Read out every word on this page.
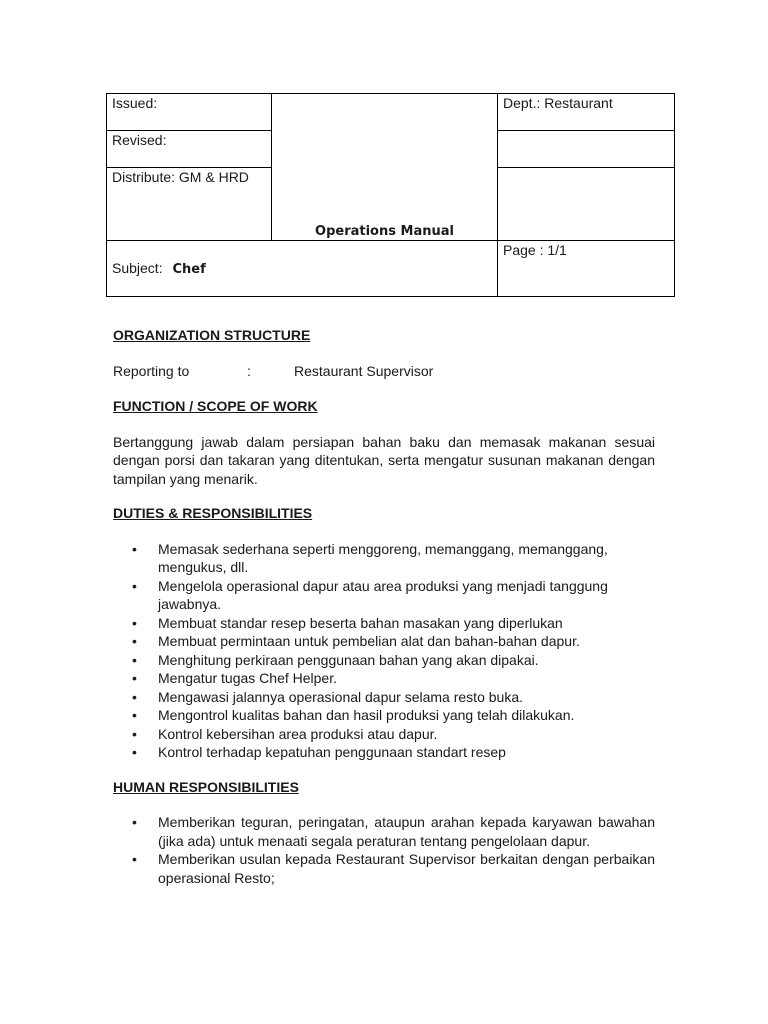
Issued:	Operations Manual	Dept.: Restaurant
Revised:		
Distribute: GM & HRD		
Subject: Chef		Page : 1/1

ORGANIZATION STRUCTURE

Reporting to	:	Restaurant Supervisor

FUNCTION / SCOPE OF WORK

Bertanggung jawab dalam persiapan bahan baku dan memasak makanan sesuai dengan porsi dan takaran yang ditentukan, serta mengatur susunan makanan dengan tampilan yang menarik.

DUTIES & RESPONSIBILITIES

• Memasak sederhana seperti menggoreng, memanggang, memanggang, mengukus, dll.
• Mengelola operasional dapur atau area produksi yang menjadi tanggung jawabnya.
• Membuat standar resep beserta bahan masakan yang diperlukan
• Membuat permintaan untuk pembelian alat dan bahan-bahan dapur.
• Menghitung perkiraan penggunaan bahan yang akan dipakai.
• Mengatur tugas Chef Helper.
• Mengawasi jalannya operasional dapur selama resto buka.
• Mengontrol kualitas bahan dan hasil produksi yang telah dilakukan.
• Kontrol kebersihan area produksi atau dapur.
• Kontrol terhadap kepatuhan penggunaan standart resep

HUMAN RESPONSIBILITIES

• Memberikan teguran, peringatan, ataupun arahan kepada karyawan bawahan (jika ada) untuk menaati segala peraturan tentang pengelolaan dapur.
• Memberikan usulan kepada Restaurant Supervisor berkaitan dengan perbaikan operasional Resto;
